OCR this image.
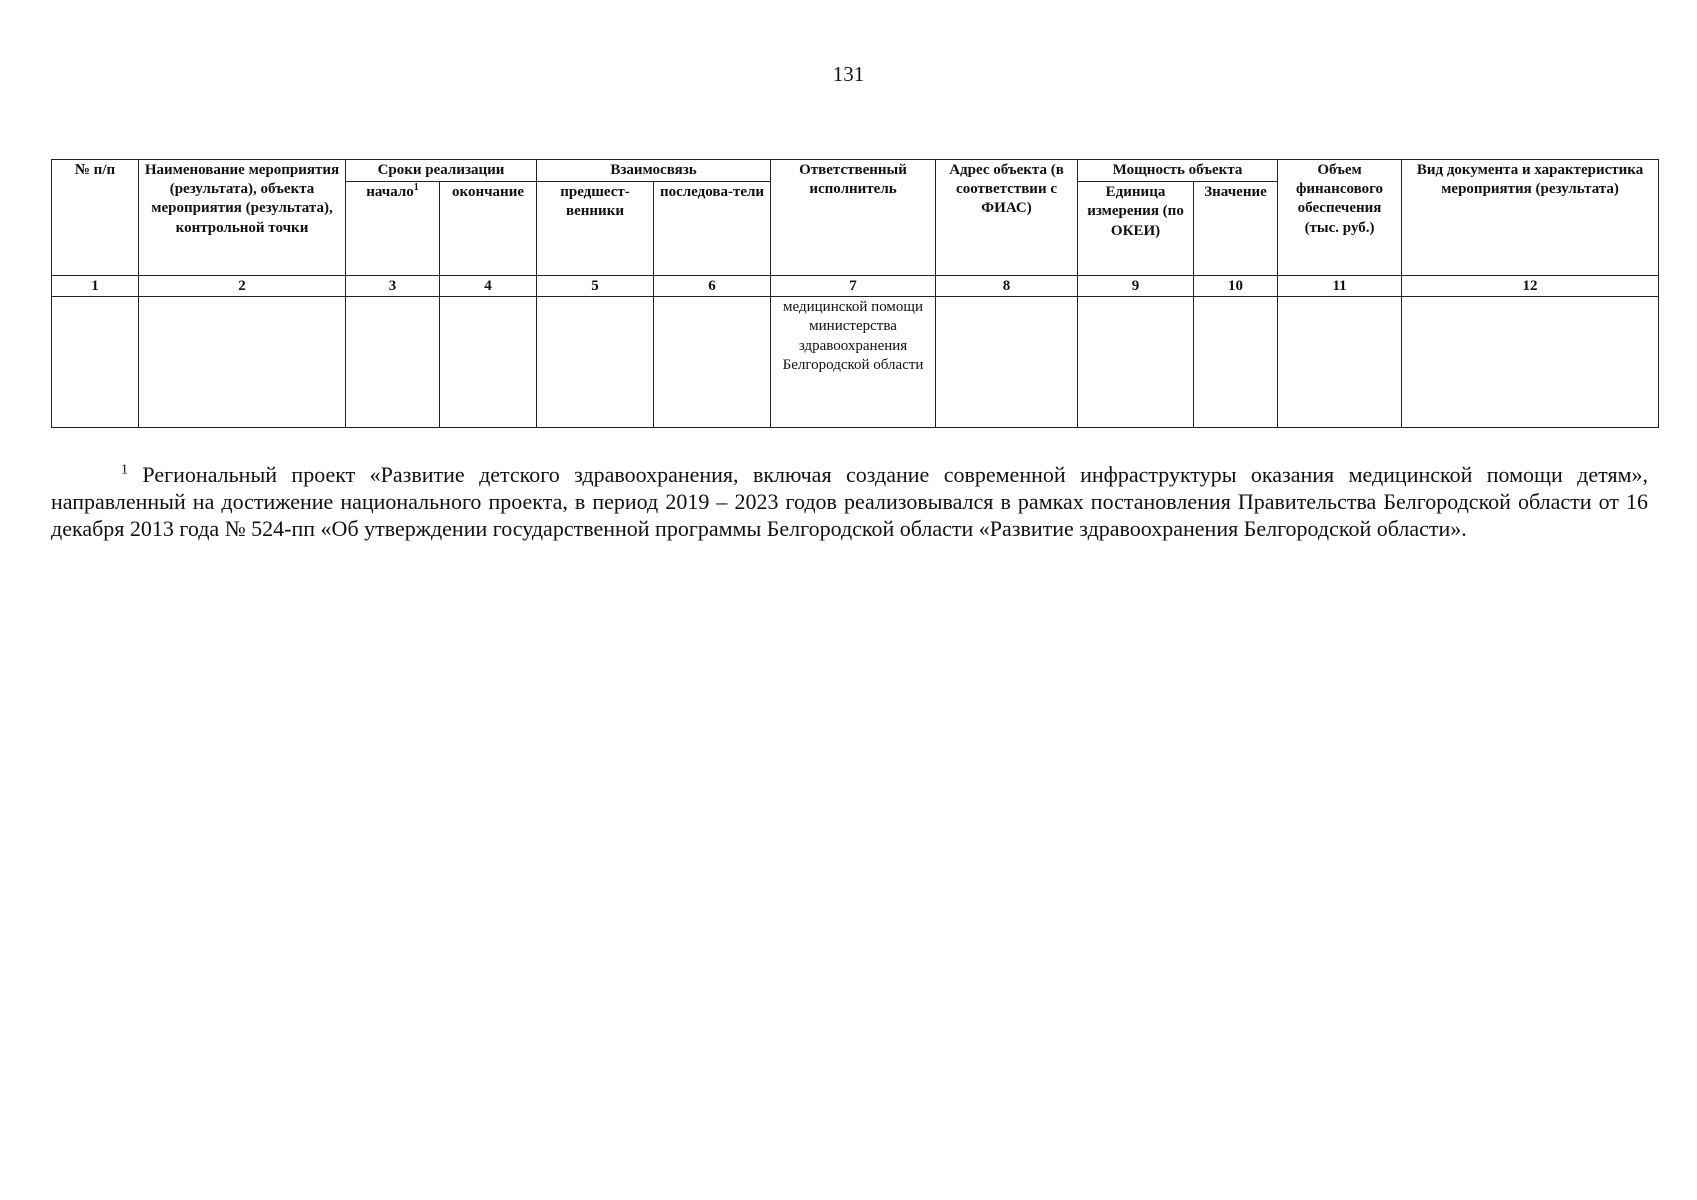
131
№ п/п	Наименование мероприятия (результата), объекта мероприятия (результата), контрольной точки	Сроки реализации		Взаимосвязь		Ответственный исполнитель	Адрес объекта (в соответствии с ФИАС)	Мощность объекта		Объем финансового обеспечения (тыс. руб.)	Вид документа и характеристика мероприятия (результата)
		начало$^1$	окончание	предшест-венники	последова-тели			Единица измерения (по ОКЕИ)	Значение		
1	2	3	4	5	6	7	8	9	10	11	12
						медицинской помощи министерства здравоохранения Белгородской области					
$^1$ Региональный проект «Развитие детского здравоохранения, включая создание современной инфраструктуры оказания медицинской помощи детям», направленный на достижение национального проекта, в период 2019 – 2023 годов реализовывался в рамках постановления Правительства Белгородской области от 16 декабря 2013 года № 524-пп «Об утверждении государственной программы Белгородской области «Развитие здравоохранения Белгородской области».
